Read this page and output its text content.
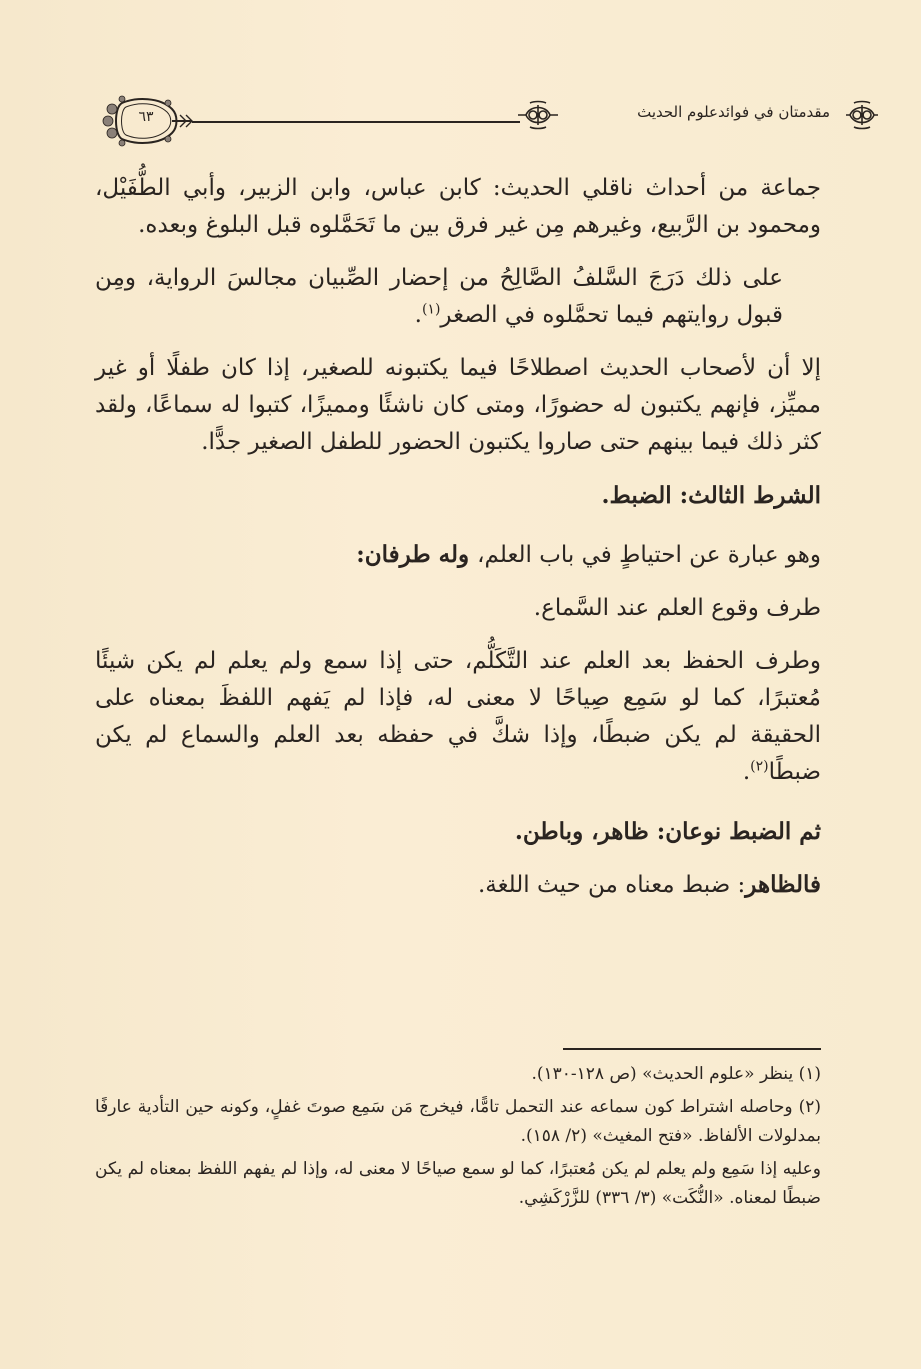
مقدمتان في فوائدعلوم الحديث
٦٣

جماعة من أحداث ناقلي الحديث: كابن عباس، وابن الزبير، وأبي الطُّفَيْل، ومحمود بن الرَّبيع، وغيرهم مِن غير فرق بين ما تَحَمَّلوه قبل البلوغ وبعده.

على ذلك دَرَجَ السَّلفُ الصَّالِحُ من إحضار الصِّبيان مجالسَ الرواية، ومِن قبول روايتهم فيما تحمَّلوه في الصغر$^{(١)}$.

إلا أن لأصحاب الحديث اصطلاحًا فيما يكتبونه للصغير، إذا كان طفلًا أو غير مميِّز، فإنهم يكتبون له حضورًا، ومتى كان ناشئًا ومميزًا، كتبوا له سماعًا، ولقد كثر ذلك فيما بينهم حتى صاروا يكتبون الحضور للطفل الصغير جدًّا.

الشرط الثالث: الضبط.

وهو عبارة عن احتياطٍ في باب العلم، وله طرفان:

طرف وقوع العلم عند السَّماع.

وطرف الحفظ بعد العلم عند التَّكَلُّم، حتى إذا سمع ولم يعلم لم يكن شيئًا مُعتبرًا، كما لو سَمِع صِياحًا لا معنى له، فإذا لم يَفهم اللفظَ بمعناه على الحقيقة لم يكن ضبطًا، وإذا شكَّ في حفظه بعد العلم والسماع لم يكن ضبطًا$^{(٢)}$.

ثم الضبط نوعان: ظاهر، وباطن.

فالظاهر: ضبط معناه من حيث اللغة.

(١) ينظر «علوم الحديث» (ص ١٢٨-١٣٠).

(٢) وحاصله اشتراط كون سماعه عند التحمل تامًّا، فيخرج مَن سَمِع صوتَ غفلٍ، وكونه حين التأدية عارفًا بمدلولات الألفاظ. «فتح المغيث» (٢/ ١٥٨).

وعليه إذا سَمِع ولم يعلم لم يكن مُعتبرًا، كما لو سمع صياحًا لا معنى له، وإذا لم يفهم اللفظ بمعناه لم يكن ضبطًا لمعناه. «النُّكَت» (٣/ ٣٣٦) للزَّرْكَشِي.
